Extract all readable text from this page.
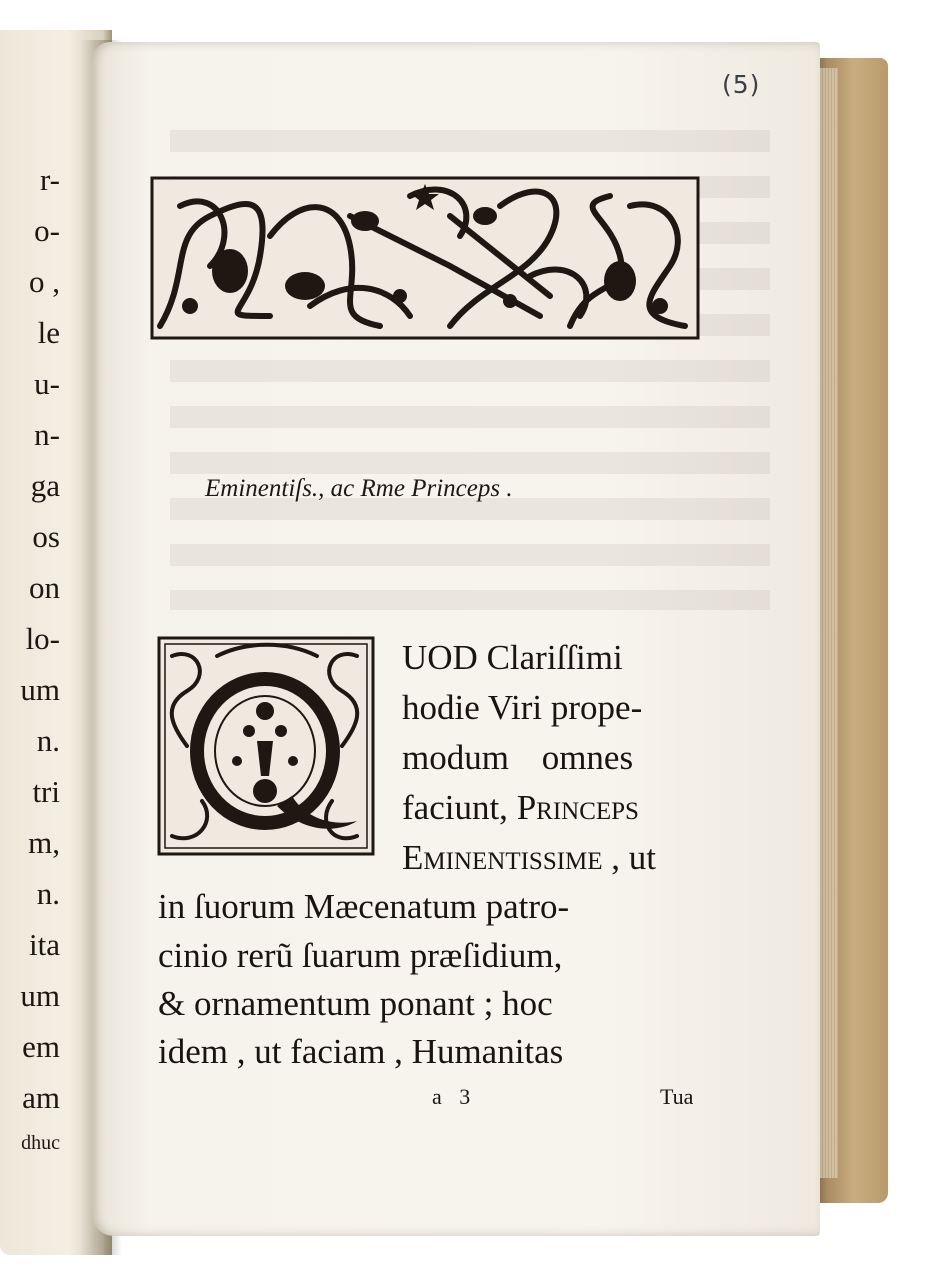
r-
o-
o ,
le
u-
n-
ga
os
on
lo-
um
n.
tri
m,
n.
ita
um
em
am
dhuc
(5)
Eminentiſs., ac Rme Princeps .
UOD Clariſſimi
hodie Viri prope-
modum omnes
faciunt, Princeps
Eminentissime , ut
in ſuorum Mæcenatum patro-
cinio rerũ ſuarum præſidium,
& ornamentum ponant ; hoc
idem , ut faciam , Humanitas
a 3	Tua
